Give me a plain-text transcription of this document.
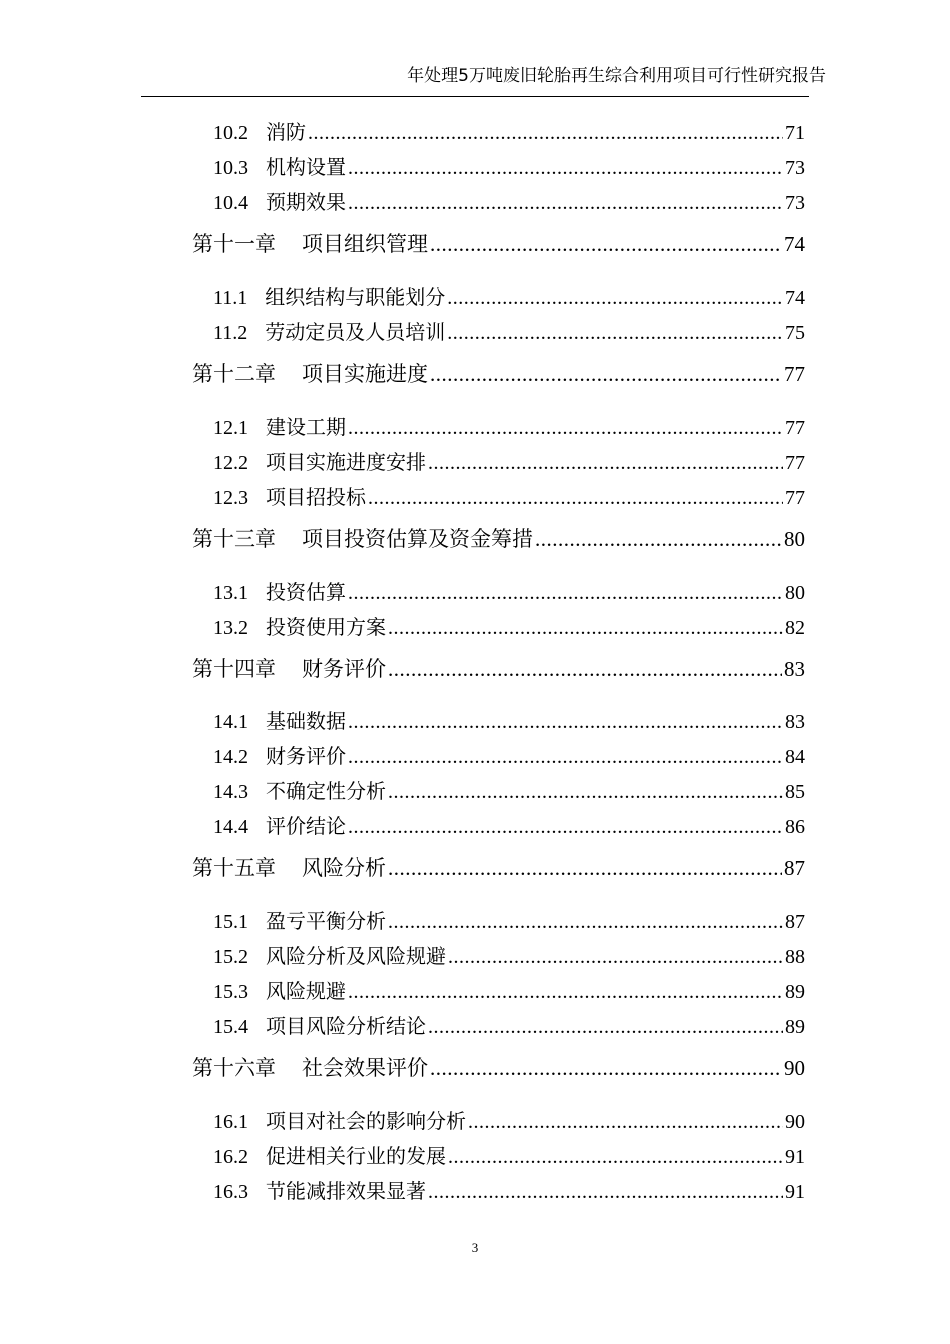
年处理5万吨废旧轮胎再生综合利用项目可行性研究报告
10.2 消防 .....	71
10.3 机构设置 .....	73
10.4 预期效果 .....	73
第十一章 项目组织管理 .....	74
11.1 组织结构与职能划分 .....	74
11.2 劳动定员及人员培训 .....	75
第十二章 项目实施进度 .....	77
12.1 建设工期 .....	77
12.2 项目实施进度安排 .....	77
12.3 项目招投标 .....	77
第十三章 项目投资估算及资金筹措 .....	80
13.1 投资估算 .....	80
13.2 投资使用方案 .....	82
第十四章 财务评价 .....	83
14.1 基础数据 .....	83
14.2 财务评价 .....	84
14.3 不确定性分析 .....	85
14.4 评价结论 .....	86
第十五章 风险分析 .....	87
15.1 盈亏平衡分析 .....	87
15.2 风险分析及风险规避 .....	88
15.3 风险规避 .....	89
15.4 项目风险分析结论 .....	89
第十六章 社会效果评价 .....	90
16.1 项目对社会的影响分析 .....	90
16.2 促进相关行业的发展 .....	91
16.3 节能减排效果显著 .....	91
3
